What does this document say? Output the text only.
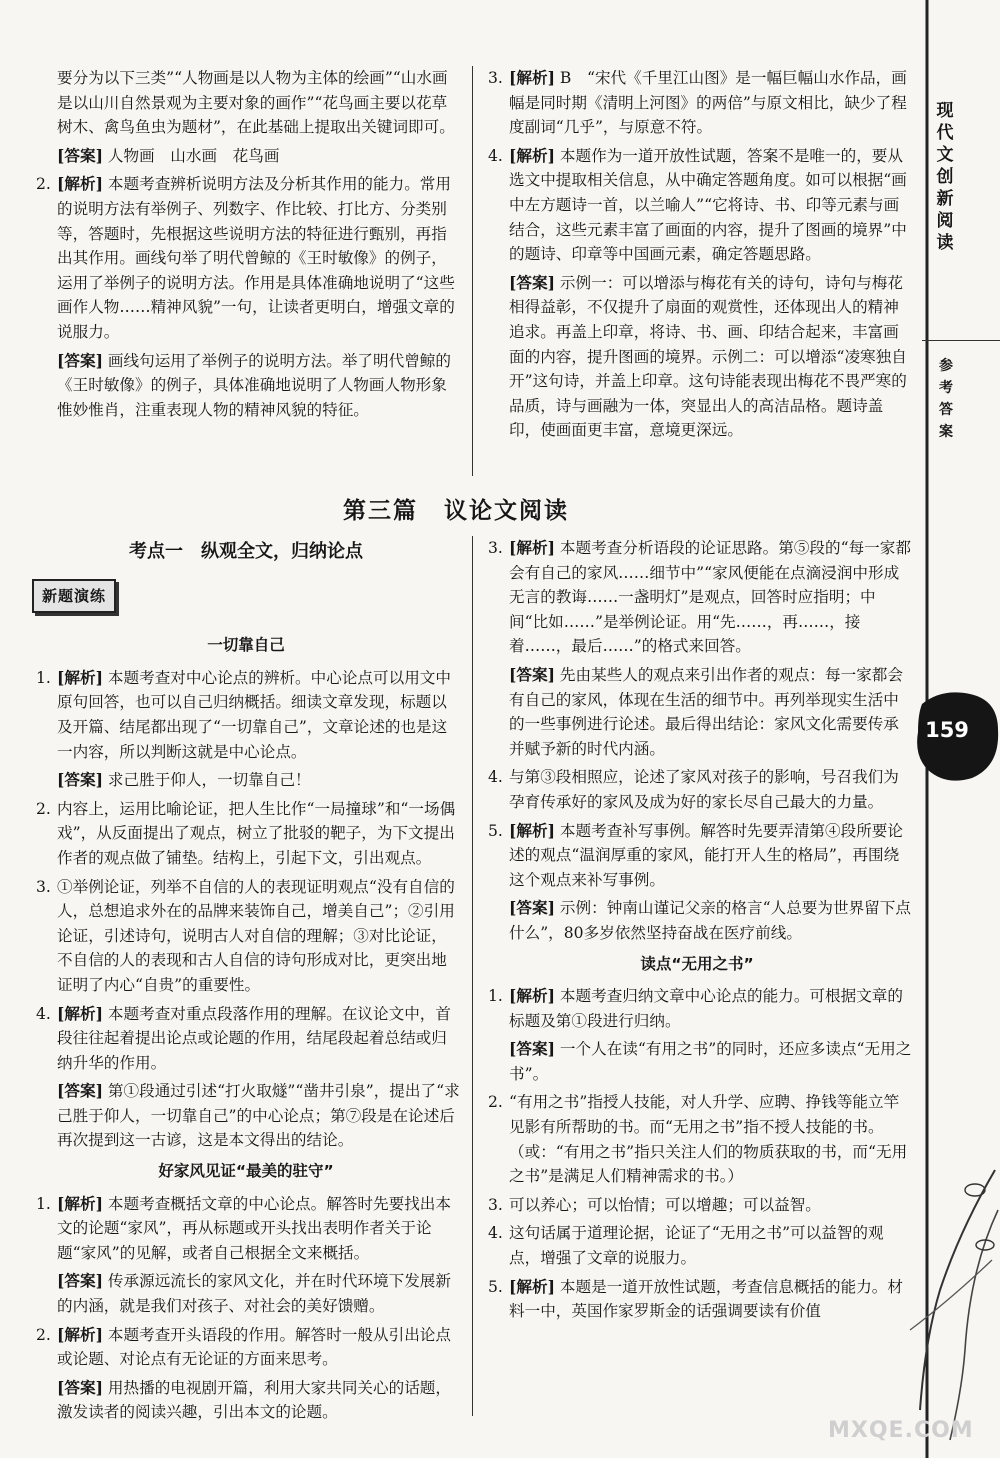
现代文创新阅读
参考答案
159
MXQE.COM
要分为以下三类”“人物画是以人物为主体的绘画”“山水画是以山川自然景观为主要对象的画作”“花鸟画主要以花草树木、禽鸟鱼虫为题材”，在此基础上提取出关键词即可。
[答案] 人物画　山水画　花鸟画
2. [解析] 本题考查辨析说明方法及分析其作用的能力。常用的说明方法有举例子、列数字、作比较、打比方、分类别等，答题时，先根据这些说明方法的特征进行甄别，再指出其作用。画线句举了明代曾鲸的《王时敏像》的例子，运用了举例子的说明方法。作用是具体准确地说明了“这些画作人物……精神风貌”一句，让读者更明白，增强文章的说服力。
[答案] 画线句运用了举例子的说明方法。举了明代曾鲸的《王时敏像》的例子，具体准确地说明了人物画人物形象惟妙惟肖，注重表现人物的精神风貌的特征。
3. [解析] B　“宋代《千里江山图》是一幅巨幅山水作品，画幅是同时期《清明上河图》的两倍”与原文相比，缺少了程度副词“几乎”，与原意不符。
4. [解析] 本题作为一道开放性试题，答案不是唯一的，要从选文中提取相关信息，从中确定答题角度。如可以根据“画中左方题诗一首，以兰喻人”“它将诗、书、印等元素与画结合，这些元素丰富了画面的内容，提升了图画的境界”中的题诗、印章等中国画元素，确定答题思路。
[答案] 示例一：可以增添与梅花有关的诗句，诗句与梅花相得益彰，不仅提升了扇面的观赏性，还体现出人的精神追求。再盖上印章，将诗、书、画、印结合起来，丰富画面的内容，提升图画的境界。示例二：可以增添“凌寒独自开”这句诗，并盖上印章。这句诗能表现出梅花不畏严寒的品质，诗与画融为一体，突显出人的高洁品格。题诗盖印，使画面更丰富，意境更深远。
第三篇 议论文阅读
考点一　纵观全文，归纳论点
新题演练
一切靠自己
1. [解析] 本题考查对中心论点的辨析。中心论点可以用文中原句回答，也可以自己归纳概括。细读文章发现，标题以及开篇、结尾都出现了“一切靠自己”，文章论述的也是这一内容，所以判断这就是中心论点。
[答案] 求己胜于仰人，一切靠自己！
2. 内容上，运用比喻论证，把人生比作“一局撞球”和“一场偶戏”，从反面提出了观点，树立了批驳的靶子，为下文提出作者的观点做了铺垫。结构上，引起下文，引出观点。
3. ①举例论证，列举不自信的人的表现证明观点“没有自信的人，总想追求外在的品牌来装饰自己，增美自己”；②引用论证，引述诗句，说明古人对自信的理解；③对比论证，不自信的人的表现和古人自信的诗句形成对比，更突出地证明了内心“自贵”的重要性。
4. [解析] 本题考查对重点段落作用的理解。在议论文中，首段往往起着提出论点或论题的作用，结尾段起着总结或归纳升华的作用。
[答案] 第①段通过引述“打火取燧”“凿井引泉”，提出了“求己胜于仰人，一切靠自己”的中心论点；第⑦段是在论述后再次提到这一古谚，这是本文得出的结论。
好家风见证“最美的驻守”
1. [解析] 本题考查概括文章的中心论点。解答时先要找出本文的论题“家风”，再从标题或开头找出表明作者关于论题“家风”的见解，或者自己根据全文来概括。
[答案] 传承源远流长的家风文化，并在时代环境下发展新的内涵，就是我们对孩子、对社会的美好馈赠。
2. [解析] 本题考查开头语段的作用。解答时一般从引出论点或论题、对论点有无论证的方面来思考。
[答案] 用热播的电视剧开篇，利用大家共同关心的话题，激发读者的阅读兴趣，引出本文的论题。
3. [解析] 本题考查分析语段的论证思路。第⑤段的“每一家都会有自己的家风……细节中”“家风便能在点滴浸润中形成无言的教诲……一盏明灯”是观点，回答时应指明；中间“比如……”是举例论证。用“先……，再……，接着……，最后……”的格式来回答。
[答案] 先由某些人的观点来引出作者的观点：每一家都会有自己的家风，体现在生活的细节中。再列举现实生活中的一些事例进行论述。最后得出结论：家风文化需要传承并赋予新的时代内涵。
4. 与第③段相照应，论述了家风对孩子的影响，号召我们为孕育传承好的家风及成为好的家长尽自己最大的力量。
5. [解析] 本题考查补写事例。解答时先要弄清第④段所要论述的观点“温润厚重的家风，能打开人生的格局”，再围绕这个观点来补写事例。
[答案] 示例：钟南山谨记父亲的格言“人总要为世界留下点什么”，80多岁依然坚持奋战在医疗前线。
读点“无用之书”
1. [解析] 本题考查归纳文章中心论点的能力。可根据文章的标题及第①段进行归纳。
[答案] 一个人在读“有用之书”的同时，还应多读点“无用之书”。
2. “有用之书”指授人技能，对人升学、应聘、挣钱等能立竿见影有所帮助的书。而“无用之书”指不授人技能的书。（或：“有用之书”指只关注人们的物质获取的书，而“无用之书”是满足人们精神需求的书。）
3. 可以养心；可以怡情；可以增趣；可以益智。
4. 这句话属于道理论据，论证了“无用之书”可以益智的观点，增强了文章的说服力。
5. [解析] 本题是一道开放性试题，考查信息概括的能力。材料一中，英国作家罗斯金的话强调要读有价值
